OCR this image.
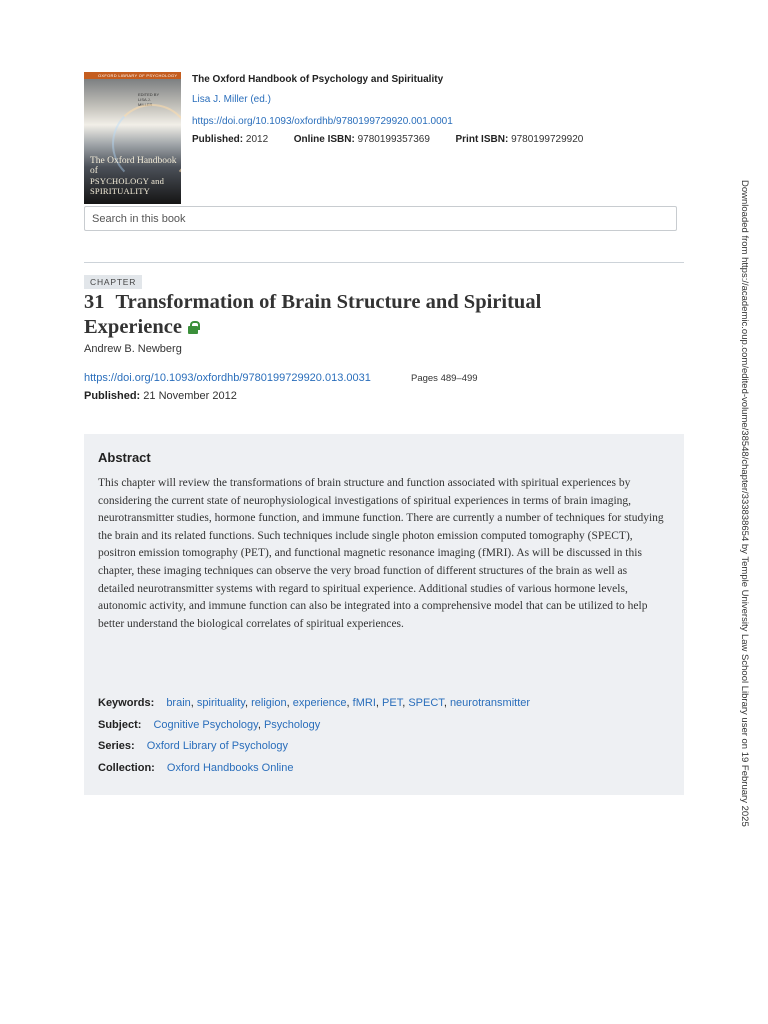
OXFORD LIBRARY OF PSYCHOLOGY
EDITED BY
LISA J.
MILLER
The Oxford Handbook of
PSYCHOLOGY and
SPIRITUALITY
The Oxford Handbook of Psychology and Spirituality
Lisa J. Miller (ed.)
https://doi.org/10.1093/oxfordhb/9780199729920.001.0001
Published: 2012	Online ISBN: 9780199357369	Print ISBN: 9780199729920
Search in this book
CHAPTER
31 Transformation of Brain Structure and Spiritual Experience
Andrew B. Newberg
https://doi.org/10.1093/oxfordhb/9780199729920.013.0031	Pages 489–499
Published: 21 November 2012
Abstract

This chapter will review the transformations of brain structure and function associated with spiritual experiences by considering the current state of neurophysiological investigations of spiritual experiences in terms of brain imaging, neurotransmitter studies, hormone function, and immune function. There are currently a number of techniques for studying the brain and its related functions. Such techniques include single photon emission computed tomography (SPECT), positron emission tomography (PET), and functional magnetic resonance imaging (fMRI). As will be discussed in this chapter, these imaging techniques can observe the very broad function of different structures of the brain as well as detailed neurotransmitter systems with regard to spiritual experience. Additional studies of various hormone levels, autonomic activity, and immune function can also be integrated into a comprehensive model that can be utilized to help better understand the biological correlates of spiritual experiences.

Keywords: brain, spirituality, religion, experience, fMRI, PET, SPECT, neurotransmitter
Subject: Cognitive Psychology, Psychology
Series: Oxford Library of Psychology
Collection: Oxford Handbooks Online	Downloaded from https://academic.oup.com/edited-volume/38548/chapter/333838654 by Temple University Law School Library user on 19 February 2025
